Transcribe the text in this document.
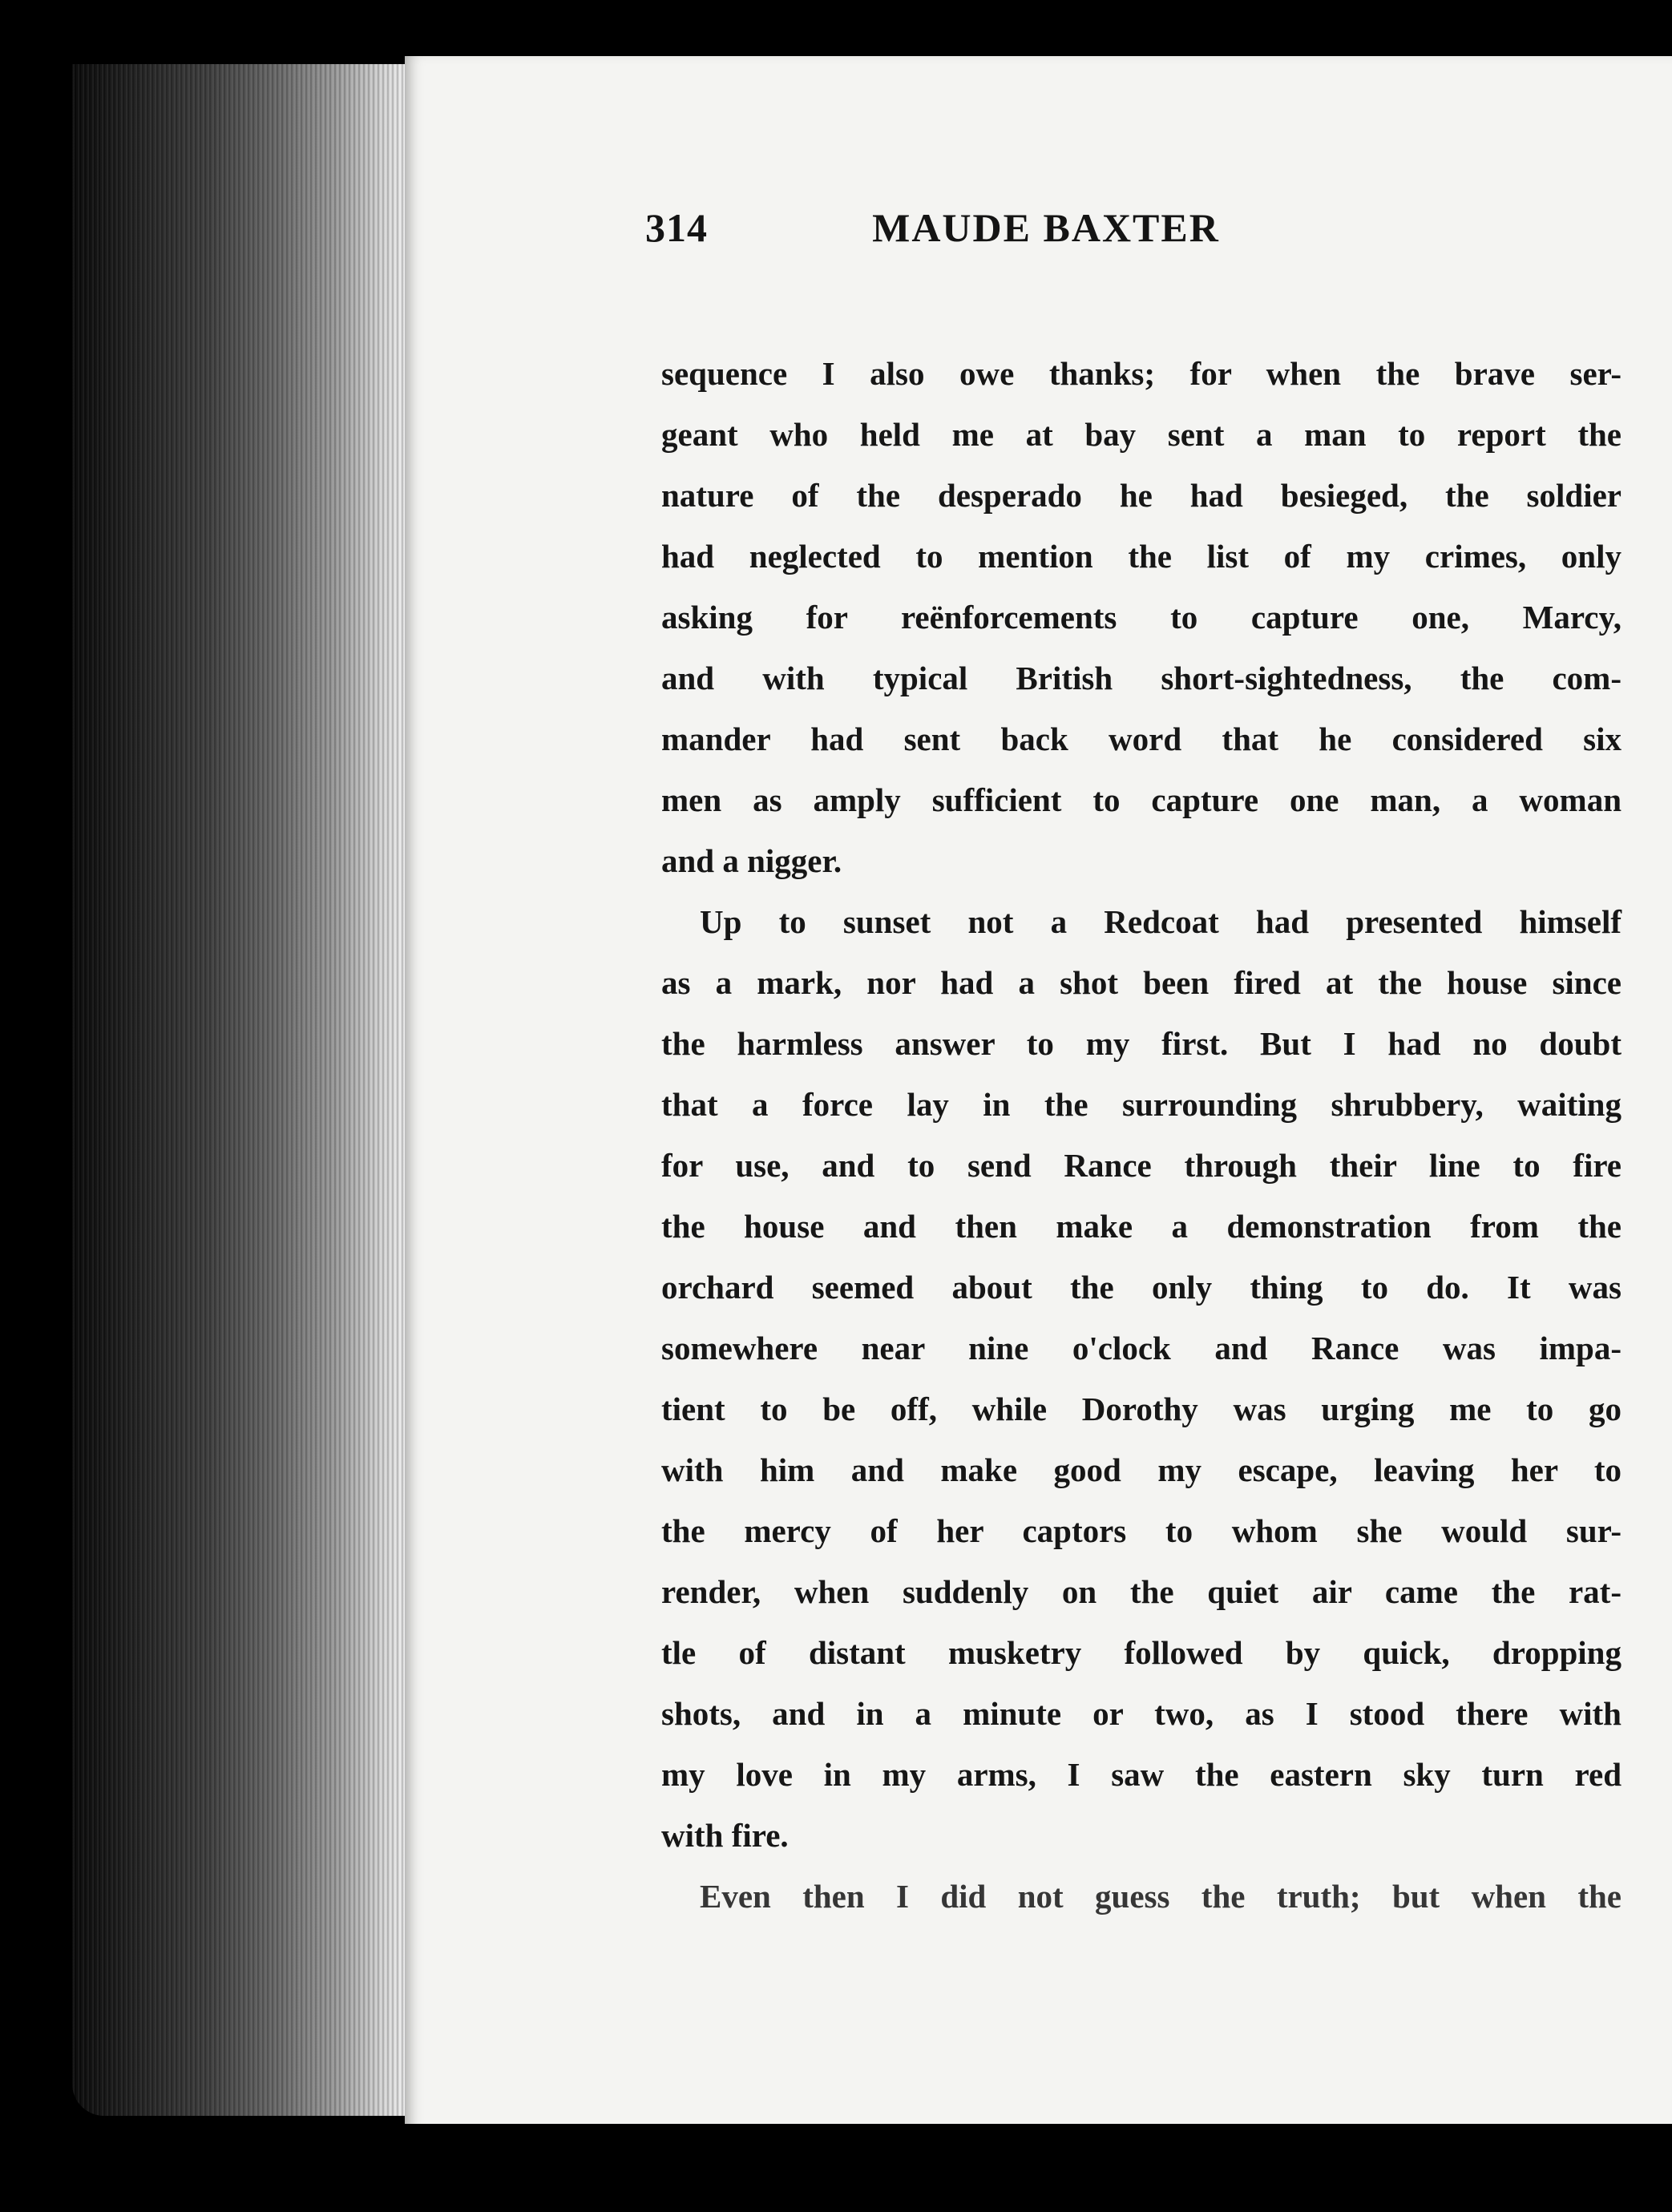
314	MAUDE BAXTER
sequence I also owe thanks; for when the brave ser-
geant who held me at bay sent a man to report the
nature of the desperado he had besieged, the soldier
had neglected to mention the list of my crimes, only
asking for reënforcements to capture one, Marcy,
and with typical British short-sightedness, the com-
mander had sent back word that he considered six
men as amply sufficient to capture one man, a woman
and a nigger.
Up to sunset not a Redcoat had presented himself
as a mark, nor had a shot been fired at the house since
the harmless answer to my first. But I had no doubt
that a force lay in the surrounding shrubbery, waiting
for use, and to send Rance through their line to fire
the house and then make a demonstration from the
orchard seemed about the only thing to do. It was
somewhere near nine o'clock and Rance was impa-
tient to be off, while Dorothy was urging me to go
with him and make good my escape, leaving her to
the mercy of her captors to whom she would sur-
render, when suddenly on the quiet air came the rat-
tle of distant musketry followed by quick, dropping
shots, and in a minute or two, as I stood there with
my love in my arms, I saw the eastern sky turn red
with fire.
Even then I did not guess the truth; but when the
